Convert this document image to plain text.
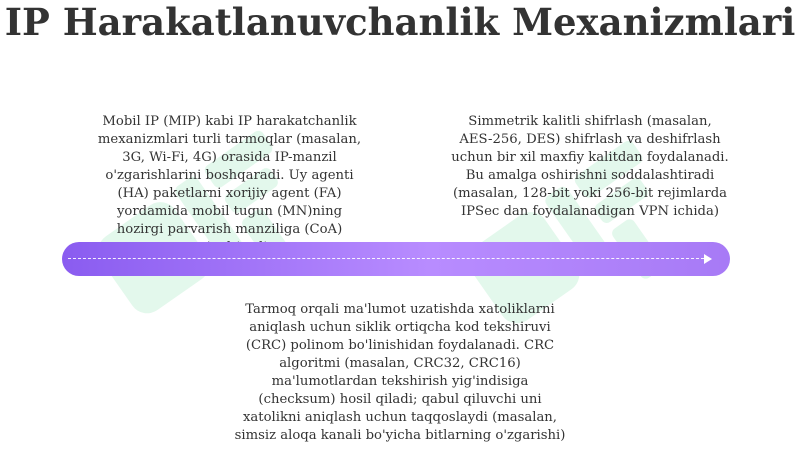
IP Harakatlanuvchanlik Mexanizmlari
Mobil IP (MIP) kabi IP harakatchanlik
mexanizmlari turli tarmoqlar (masalan,
3G, Wi-Fi, 4G) orasida IP-manzil
o'zgarishlarini boshqaradi. Uy agenti
(HA) paketlarni xorijiy agent (FA)
yordamida mobil tugun (MN)ning
hozirgi parvarish manziliga (CoA)

Simmetrik kalitli shifrlash (masalan,
AES-256, DES) shifrlash va deshifrlash
uchun bir xil maxfiy kalitdan foydalanadi.
Bu amalga oshirishni soddalashtiradi
(masalan, 128-bit yoki 256-bit rejimlarda
IPSec dan foydalanadigan VPN ichida)
Tarmoq orqali ma'lumot uzatishda xatoliklarni
aniqlash uchun siklik ortiqcha kod tekshiruvi
(CRC) polinom bo'linishidan foydalanadi. CRC
algoritmi (masalan, CRC32, CRC16)
ma'lumotlardan tekshirish yig'indisiga
(checksum) hosil qiladi; qabul qiluvchi uni
xatolikni aniqlash uchun taqqoslaydi (masalan,
simsiz aloqa kanali bo'yicha bitlarning o'zgarishi)
